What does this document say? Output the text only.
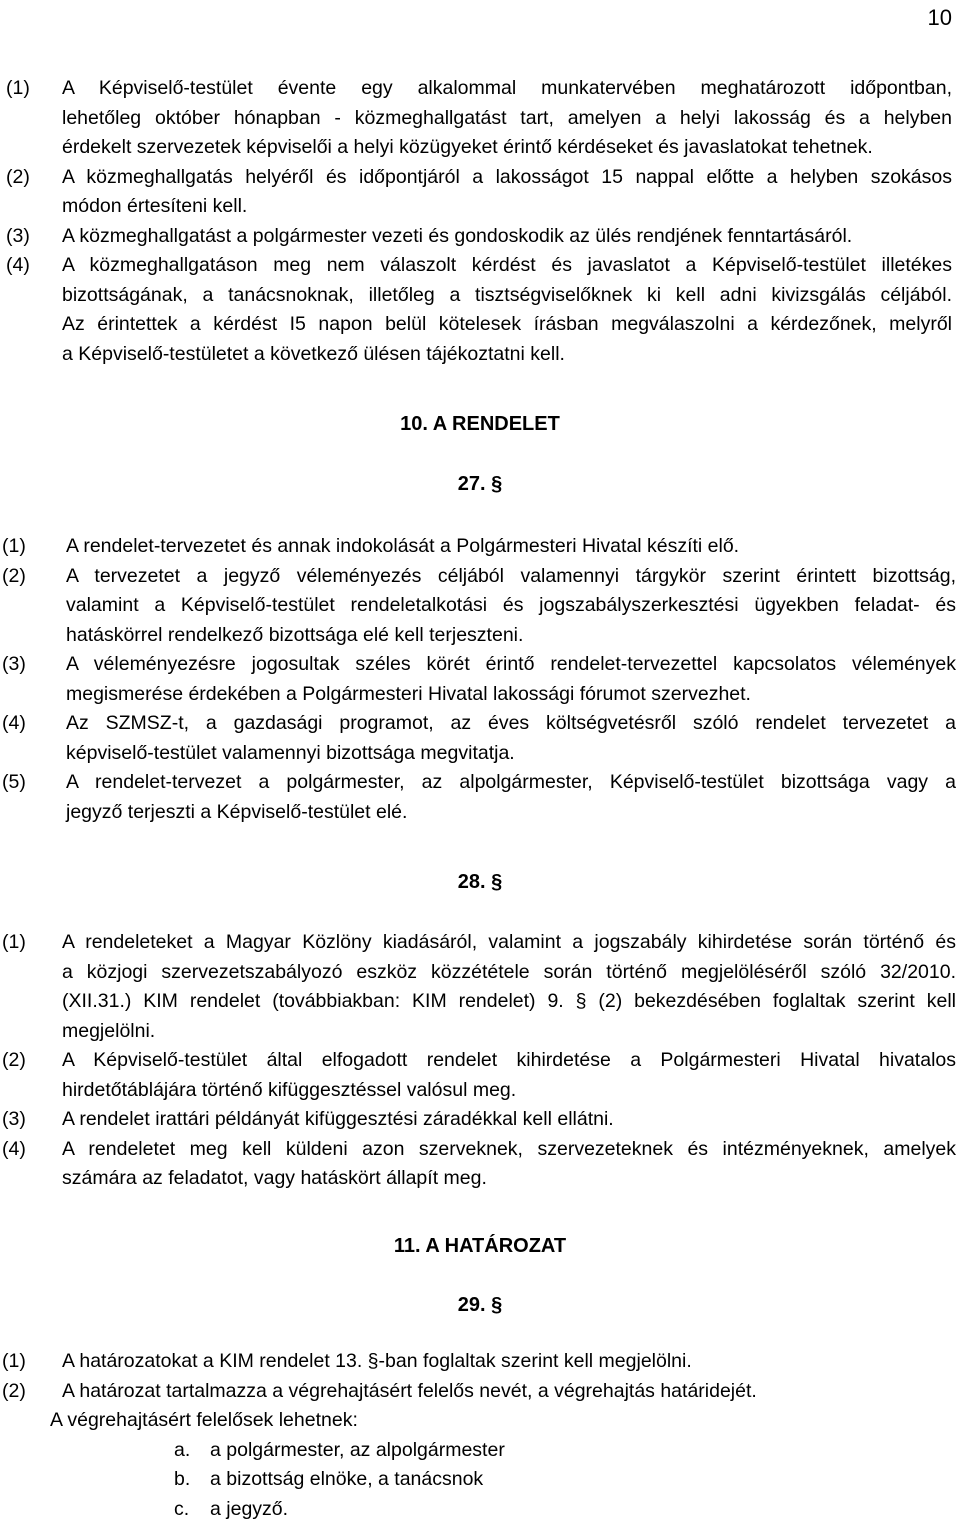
10
(1)	A Képviselő-testület évente egy alkalommal munkatervében meghatározott időpontban,
lehetőleg október hónapban - közmeghallgatást tart, amelyen a helyi lakosság és a helyben
érdekelt szervezetek képviselői a helyi közügyeket érintő kérdéseket és javaslatokat tehetnek.
(2)	A közmeghallgatás helyéről és időpontjáról a lakosságot 15 nappal előtte a helyben szokásos
módon értesíteni kell.
(3)	A közmeghallgatást a polgármester vezeti és gondoskodik az ülés rendjének fenntartásáról.
(4)	A közmeghallgatáson meg nem válaszolt kérdést és javaslatot a Képviselő-testület illetékes
bizottságának, a tanácsnoknak, illetőleg a tisztségviselőknek ki kell adni kivizsgálás céljából.
Az érintettek a kérdést I5 napon belül kötelesek írásban megválaszolni a kérdezőnek, melyről
a Képviselő-testületet a következő ülésen tájékoztatni kell.
10. A RENDELET
27. §
(1)	A rendelet-tervezetet és annak indokolását a Polgármesteri Hivatal készíti elő.
(2)	A tervezetet a jegyző véleményezés céljából valamennyi tárgykör szerint érintett bizottság,
valamint a Képviselő-testület rendeletalkotási és jogszabályszerkesztési ügyekben feladat- és
hatáskörrel rendelkező bizottsága elé kell terjeszteni.
(3)	A véleményezésre jogosultak széles körét érintő rendelet-tervezettel kapcsolatos vélemények
megismerése érdekében a Polgármesteri Hivatal lakossági fórumot szervezhet.
(4)	Az SZMSZ-t, a gazdasági programot, az éves költségvetésről szóló rendelet tervezetet a
képviselő-testület valamennyi bizottsága megvitatja.
(5)	A rendelet-tervezet a polgármester, az alpolgármester, Képviselő-testület bizottsága vagy a
jegyző terjeszti a Képviselő-testület elé.
28. §
(1)	A rendeleteket a Magyar Közlöny kiadásáról, valamint a jogszabály kihirdetése során történő és
a közjogi szervezetszabályozó eszköz közzététele során történő megjelöléséről szóló 32/2010.
(XII.31.) KIM rendelet (továbbiakban: KIM rendelet) 9. § (2) bekezdésében foglaltak szerint kell
megjelölni.
(2)	A Képviselő-testület által elfogadott rendelet kihirdetése a Polgármesteri Hivatal hivatalos
hirdetőtáblájára történő kifüggesztéssel valósul meg.
(3)	A rendelet irattári példányát kifüggesztési záradékkal kell ellátni.
(4)	A rendeletet meg kell küldeni azon szerveknek, szervezeteknek és intézményeknek, amelyek
számára az feladatot, vagy hatáskört állapít meg.
11. A HATÁROZAT
29. §
(1)	A határozatokat a KIM rendelet 13. §-ban foglaltak szerint kell megjelölni.
(2)	A határozat tartalmazza a végrehajtásért felelős nevét, a végrehajtás határidejét.
A végrehajtásért felelősek lehetnek:
a.	a polgármester, az alpolgármester
b.	a bizottság elnöke, a tanácsnok
c.	a jegyző.
